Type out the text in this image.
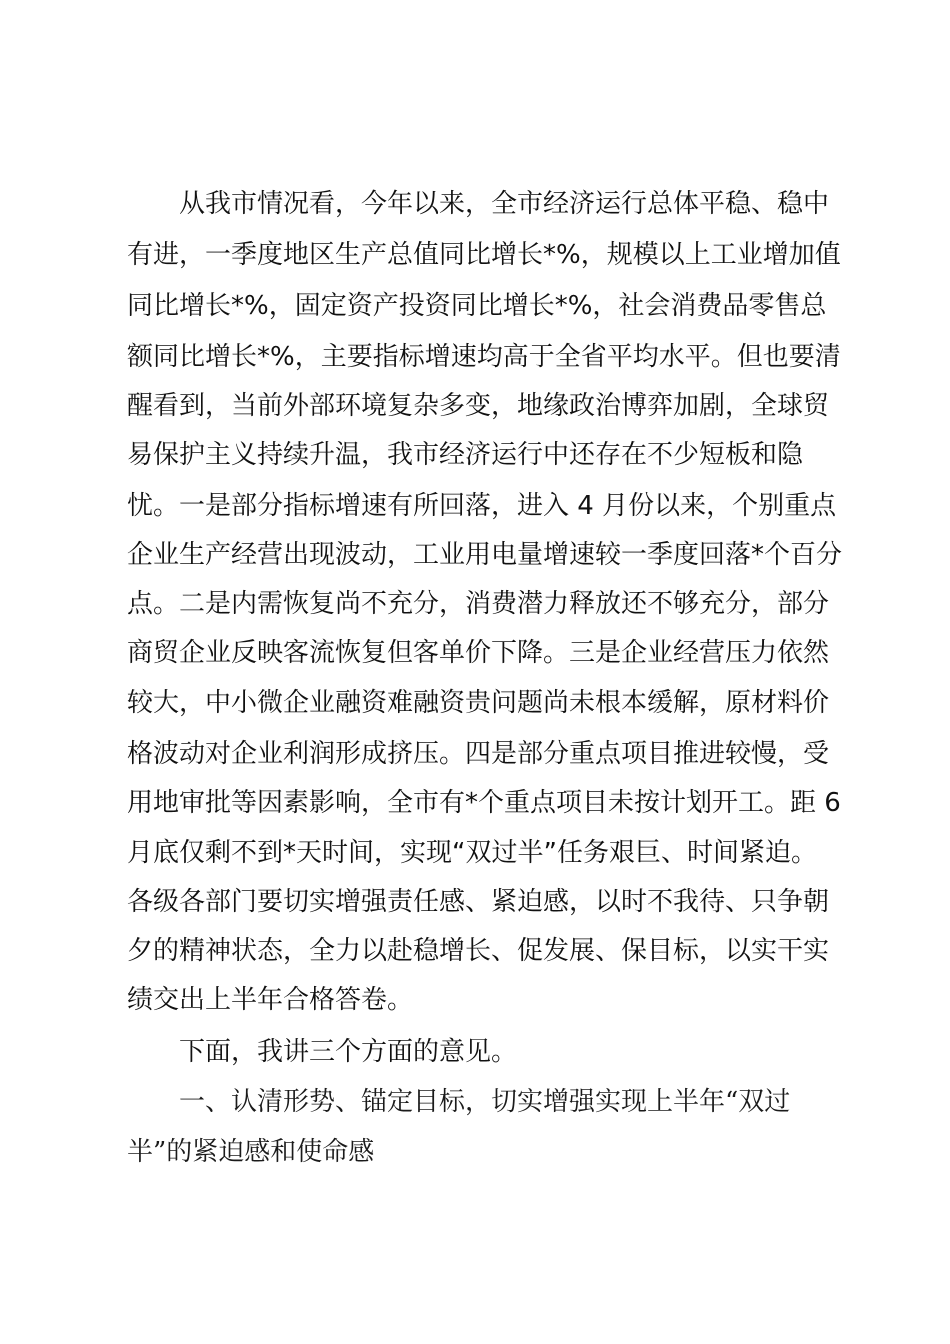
从我市情况看，今年以来，全市经济运行总体平稳、稳中

有进，一季度地区生产总值同比增长*%，规模以上工业增加值

同比增长*%，固定资产投资同比增长*%，社会消费品零售总

额同比增长*%，主要指标增速均高于全省平均水平。但也要清

醒看到，当前外部环境复杂多变，地缘政治博弈加剧，全球贸

易保护主义持续升温，我市经济运行中还存在不少短板和隐

忧。一是部分指标增速有所回落，进入 4 月份以来，个别重点

企业生产经营出现波动，工业用电量增速较一季度回落*个百分

点。二是内需恢复尚不充分，消费潜力释放还不够充分，部分

商贸企业反映客流恢复但客单价下降。三是企业经营压力依然

较大，中小微企业融资难融资贵问题尚未根本缓解，原材料价

格波动对企业利润形成挤压。四是部分重点项目推进较慢，受

用地审批等因素影响，全市有*个重点项目未按计划开工。距 6

月底仅剩不到*天时间，实现“双过半”任务艰巨、时间紧迫。

各级各部门要切实增强责任感、紧迫感，以时不我待、只争朝

夕的精神状态，全力以赴稳增长、促发展、保目标，以实干实

绩交出上半年合格答卷。

下面，我讲三个方面的意见。

一、认清形势、锚定目标，切实增强实现上半年“双过

半”的紧迫感和使命感
